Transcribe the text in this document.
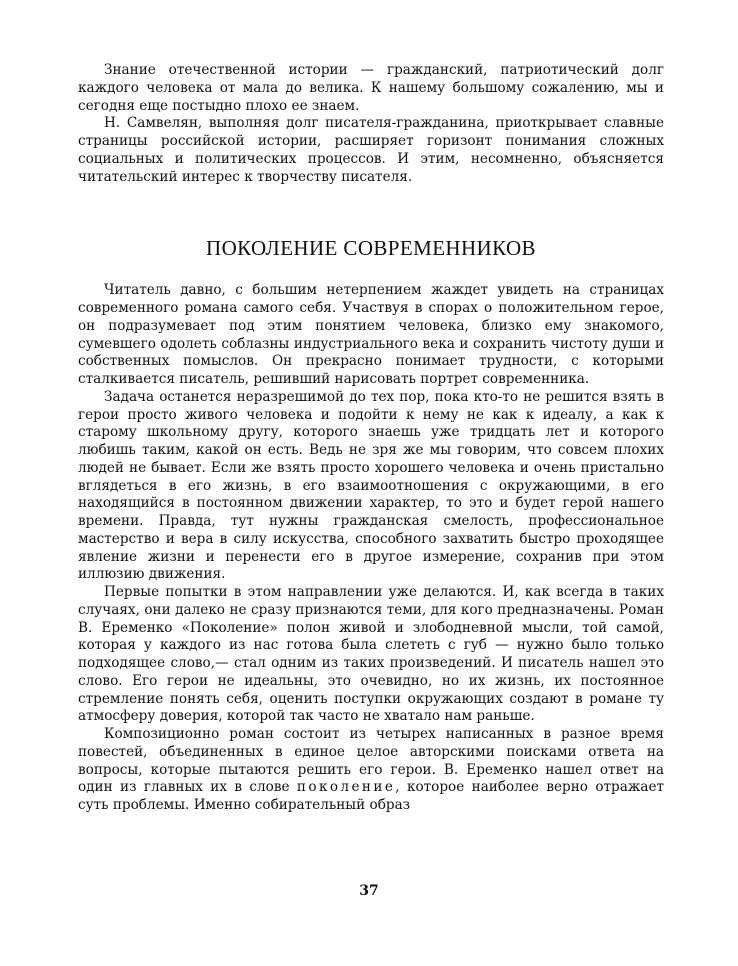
Знание отечественной истории — гражданский, патриотический долг каждого человека от мала до велика. К нашему большому сожалению, мы и сегодня еще постыдно плохо ее знаем.

Н. Самвелян, выполняя долг писателя-гражданина, приоткрывает славные страницы российской истории, расширяет горизонт понимания сложных социальных и политических процессов. И этим, несомненно, объясняется читательский интерес к творчеству писателя.

ПОКОЛЕНИЕ СОВРЕМЕННИКОВ

Читатель давно, с большим нетерпением жаждет увидеть на страницах современного романа самого себя. Участвуя в спорах о положительном герое, он подразумевает под этим понятием человека, близко ему знакомого, сумевшего одолеть соблазны индустриального века и сохранить чистоту души и собственных помыслов. Он прекрасно понимает трудности, с которыми сталкивается писатель, решивший нарисовать портрет современника.

Задача останется неразрешимой до тех пор, пока кто-то не решится взять в герои просто живого человека и подойти к нему не как к идеалу, а как к старому школьному другу, которого знаешь уже тридцать лет и которого любишь таким, какой он есть. Ведь не зря же мы говорим, что совсем плохих людей не бывает. Если же взять просто хорошего человека и очень пристально вглядеться в его жизнь, в его взаимоотношения с окружающими, в его находящийся в постоянном движении характер, то это и будет герой нашего времени. Правда, тут нужны гражданская смелость, профессиональное мастерство и вера в силу искусства, способного захватить быстро проходящее явление жизни и перенести его в другое измерение, сохранив при этом иллюзию движения.

Первые попытки в этом направлении уже делаются. И, как всегда в таких случаях, они далеко не сразу признаются теми, для кого предназначены. Роман В. Еременко «Поколение» полон живой и злободневной мысли, той самой, которая у каждого из нас готова была слететь с губ — нужно было только подходящее слово,— стал одним из таких произведений. И писатель нашел это слово. Его герои не идеальны, это очевидно, но их жизнь, их постоянное стремление понять себя, оценить поступки окружающих создают в романе ту атмосферу доверия, которой так часто не хватало нам раньше.

Композиционно роман состоит из четырех написанных в разное время повестей, объединенных в единое целое авторскими поисками ответа на вопросы, которые пытаются решить его герои. В. Еременко нашел ответ на один из главных их в слове поколение, которое наиболее верно отражает суть проблемы. Именно собирательный образ

37
